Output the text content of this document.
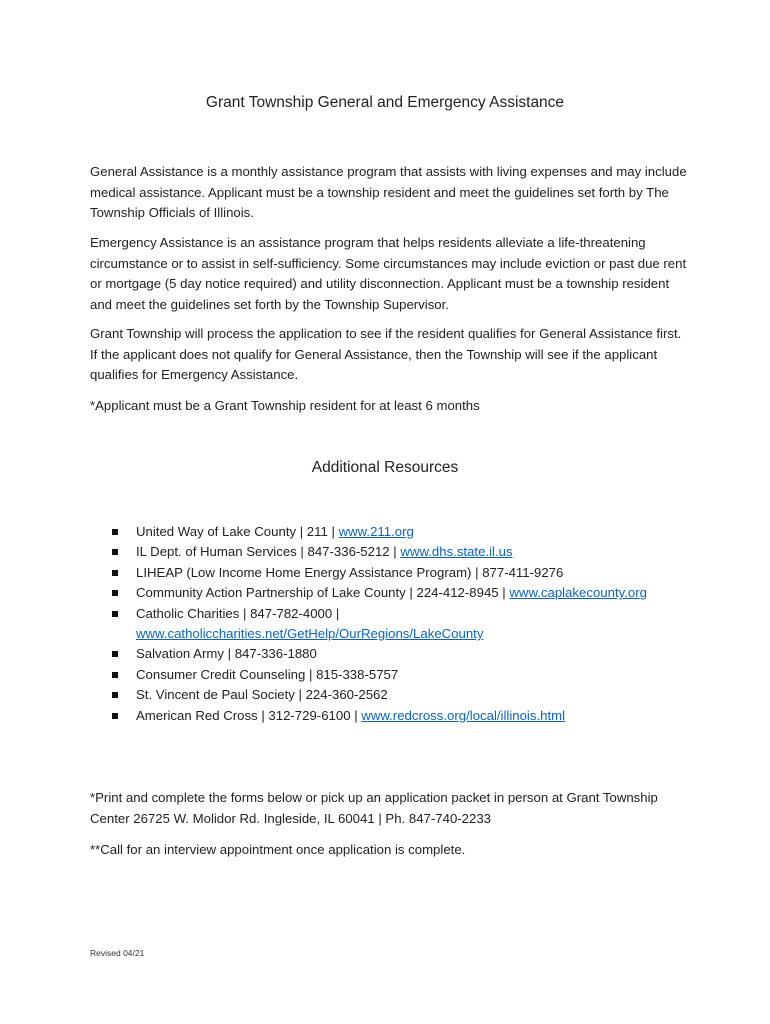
Grant Township General and Emergency Assistance

General Assistance is a monthly assistance program that assists with living expenses and may include medical assistance. Applicant must be a township resident and meet the guidelines set forth by The Township Officials of Illinois.

Emergency Assistance is an assistance program that helps residents alleviate a life-threatening circumstance or to assist in self-sufficiency. Some circumstances may include eviction or past due rent or mortgage (5 day notice required) and utility disconnection. Applicant must be a township resident and meet the guidelines set forth by the Township Supervisor.

Grant Township will process the application to see if the resident qualifies for General Assistance first. If the applicant does not qualify for General Assistance, then the Township will see if the applicant qualifies for Emergency Assistance.

*Applicant must be a Grant Township resident for at least 6 months

Additional Resources
United Way of Lake County | 211 | www.211.org
IL Dept. of Human Services | 847-336-5212 | www.dhs.state.il.us
LIHEAP (Low Income Home Energy Assistance Program) | 877-411-9276
Community Action Partnership of Lake County | 224-412-8945 | www.caplakecounty.org
Catholic Charities | 847-782-4000 | www.catholiccharities.net/GetHelp/OurRegions/LakeCounty
Salvation Army | 847-336-1880
Consumer Credit Counseling | 815-338-5757
St. Vincent de Paul Society | 224-360-2562
American Red Cross | 312-729-6100 | www.redcross.org/local/illinois.html

*Print and complete the forms below or pick up an application packet in person at Grant Township Center 26725 W. Molidor Rd. Ingleside, IL 60041 | Ph. 847-740-2233

**Call for an interview appointment once application is complete.

Revised 04/21
